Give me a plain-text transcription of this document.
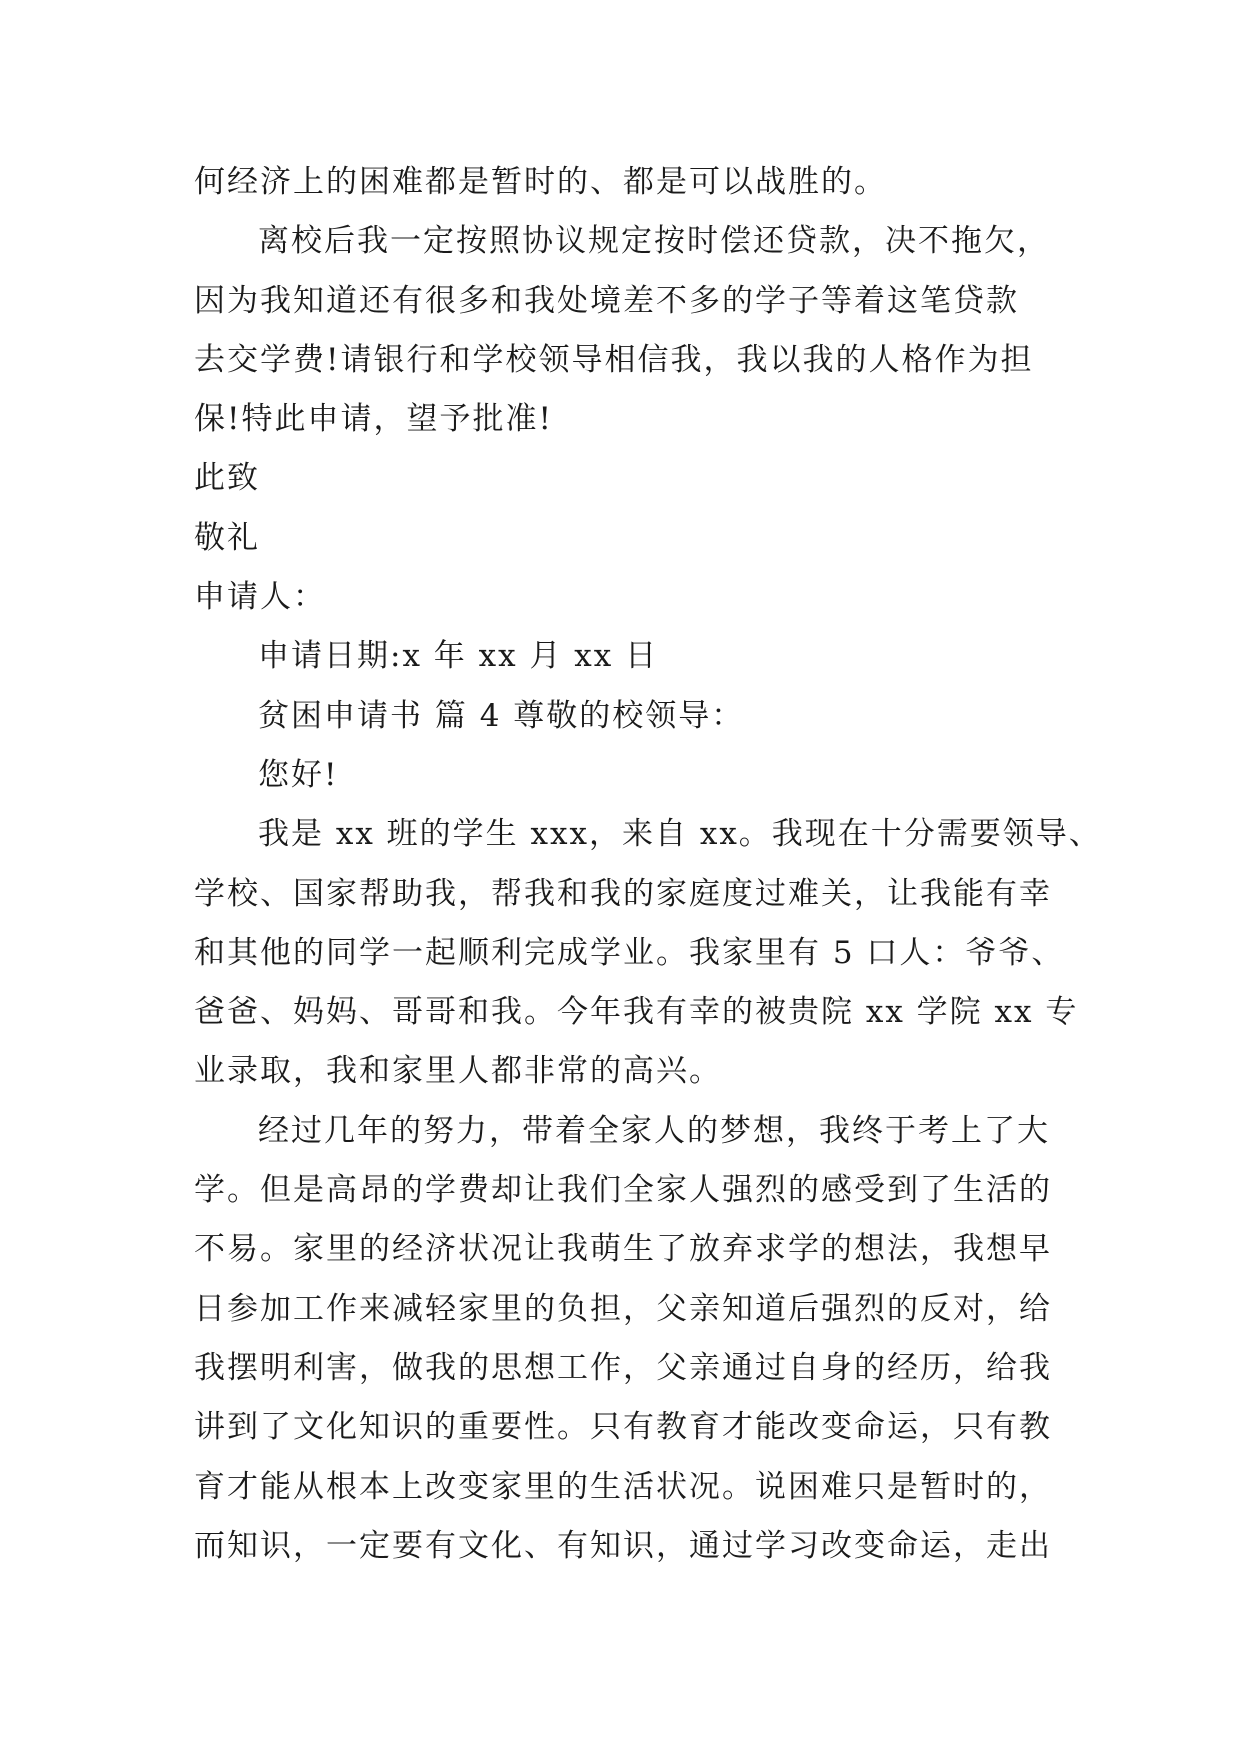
何经济上的困难都是暂时的、都是可以战胜的。
离校后我一定按照协议规定按时偿还贷款，决不拖欠，
因为我知道还有很多和我处境差不多的学子等着这笔贷款
去交学费!请银行和学校领导相信我，我以我的人格作为担
保!特此申请，望予批准!
此致
敬礼
申请人：
申请日期:x 年 xx 月 xx 日
贫困申请书 篇 4 尊敬的校领导：
您好!
我是 xx 班的学生 xxx，来自 xx。我现在十分需要领导、
学校、国家帮助我，帮我和我的家庭度过难关，让我能有幸
和其他的同学一起顺利完成学业。我家里有 5 口人：爷爷、
爸爸、妈妈、哥哥和我。今年我有幸的被贵院 xx 学院 xx 专
业录取，我和家里人都非常的高兴。
经过几年的努力，带着全家人的梦想，我终于考上了大
学。但是高昂的学费却让我们全家人强烈的感受到了生活的
不易。家里的经济状况让我萌生了放弃求学的想法，我想早
日参加工作来减轻家里的负担，父亲知道后强烈的反对，给
我摆明利害，做我的思想工作，父亲通过自身的经历，给我
讲到了文化知识的重要性。只有教育才能改变命运，只有教
育才能从根本上改变家里的生活状况。说困难只是暂时的，
而知识，一定要有文化、有知识，通过学习改变命运，走出
